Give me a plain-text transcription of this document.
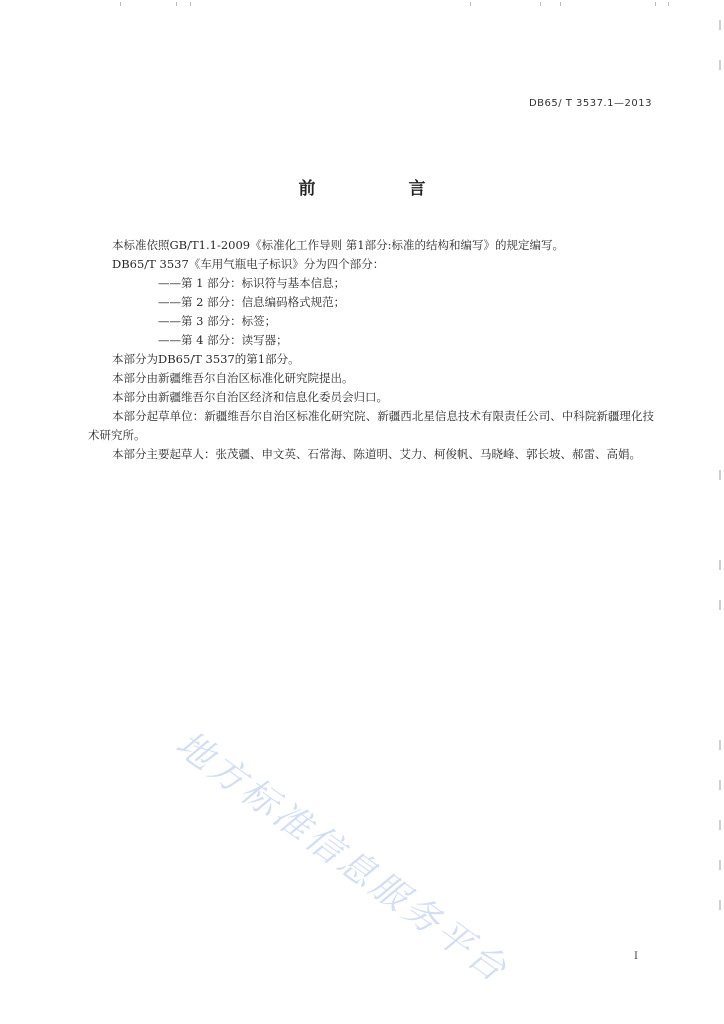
DB65/ T 3537.1—2013
前　言

本标准依照GB/T1.1-2009《标准化工作导则 第1部分:标准的结构和编写》的规定编写。

DB65/T 3537《车用气瓶电子标识》分为四个部分：

——第 1 部分：标识符与基本信息；

——第 2 部分：信息编码格式规范；

——第 3 部分：标签；

——第 4 部分：读写器；

本部分为DB65/T 3537的第1部分。

本部分由新疆维吾尔自治区标准化研究院提出。

本部分由新疆维吾尔自治区经济和信息化委员会归口。

本部分起草单位：新疆维吾尔自治区标准化研究院、新疆西北星信息技术有限责任公司、中科院新疆理化技术研究所。

本部分主要起草人：张茂疆、申文英、石常海、陈道明、艾力、柯俊帆、马晓峰、郭长坡、郝雷、高娟。

地方标准信息服务平台	I
